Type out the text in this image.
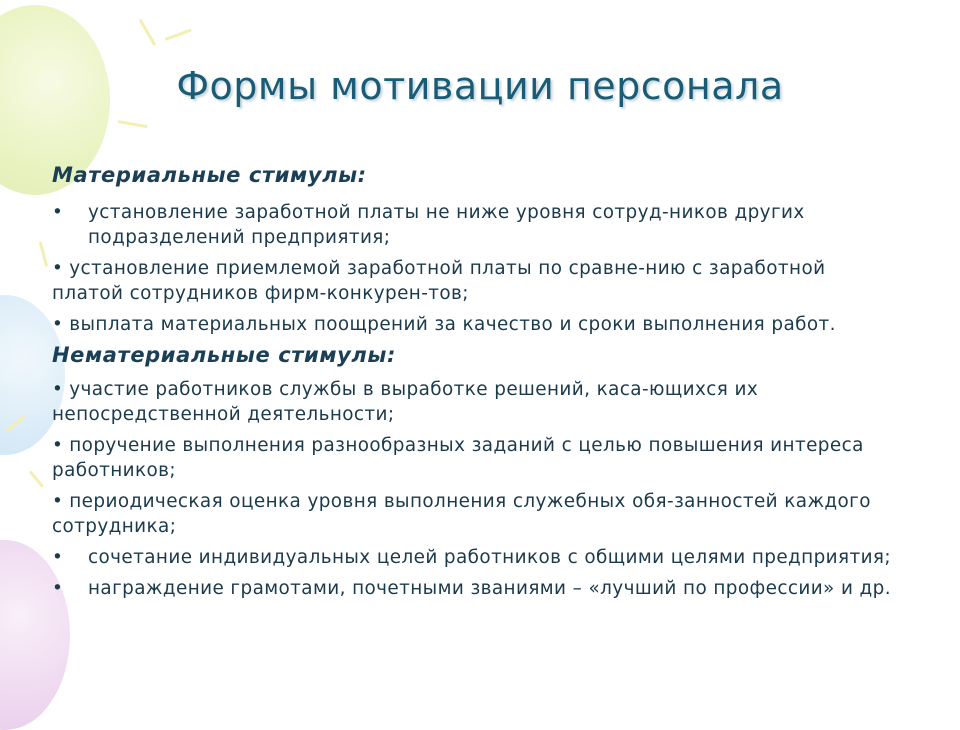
Формы мотивации персонала
Материальные стимулы:
• установление заработной платы не ниже уровня сотруд-ников других подразделений предприятия;
• установление приемлемой заработной платы по сравне-нию с заработной платой сотрудников фирм-конкурен-тов;
• выплата материальных поощрений за качество и сроки выполнения работ.
Нематериальные стимулы:
• участие работников службы в выработке решений, каса-ющихся их непосредственной деятельности;
• поручение выполнения разнообразных заданий с целью повышения интереса работников;
• периодическая оценка уровня выполнения служебных обя-занностей каждого сотрудника;
• сочетание индивидуальных целей работников с общими целями предприятия;
• награждение грамотами, почетными званиями – «лучший по профессии» и др.
